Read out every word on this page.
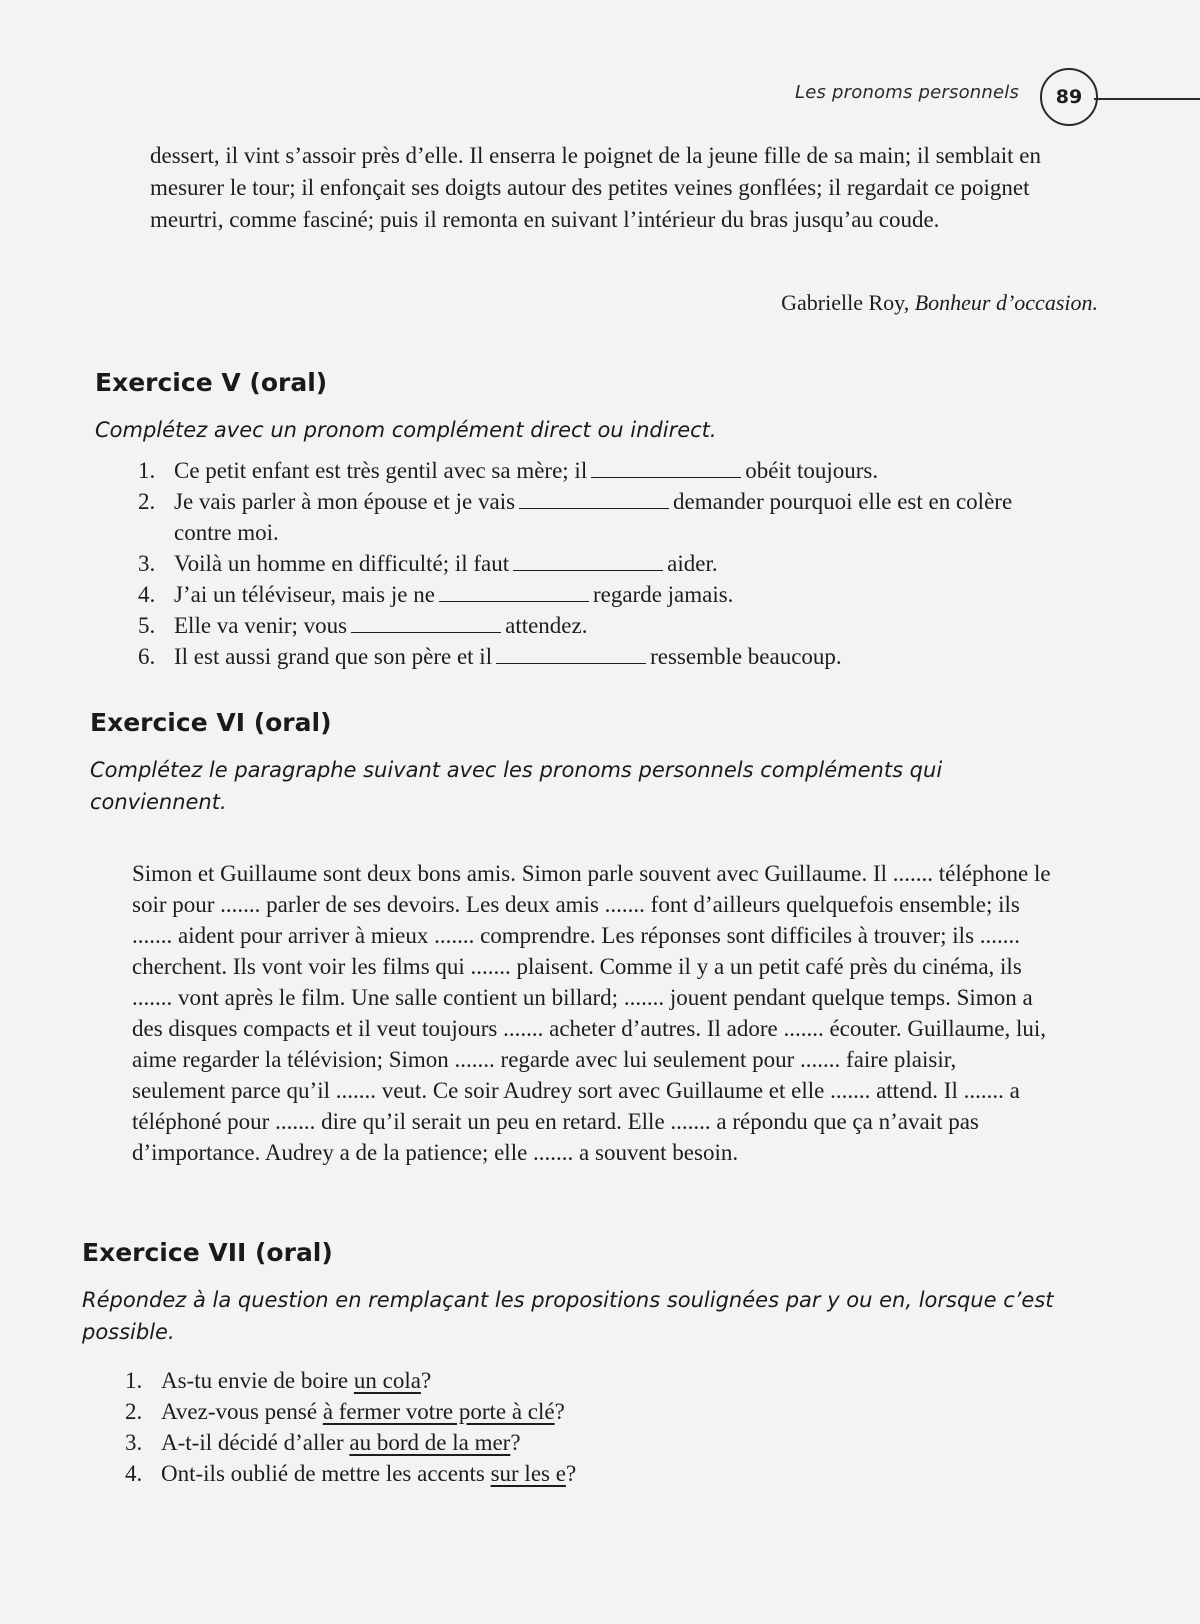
Les pronoms personnels 89
dessert, il vint s’assoir près d’elle. Il enserra le poignet de la jeune fille de sa main; il semblait en mesurer le tour; il enfonçait ses doigts autour des petites veines gonflées; il regardait ce poignet meurtri, comme fasciné; puis il remonta en suivant l’intérieur du bras jusqu’au coude.
Gabrielle Roy, Bonheur d’occasion.
Exercice V (oral)
Complétez avec un pronom complément direct ou indirect.
1. Ce petit enfant est très gentil avec sa mère; il	obéit toujours.
2. Je vais parler à mon épouse et je vais	demander pourquoi elle est en colère contre moi.
3. Voilà un homme en difficulté; il faut	aider.
4. J’ai un téléviseur, mais je ne	regarde jamais.
5. Elle va venir; vous	attendez.
6. Il est aussi grand que son père et il	ressemble beaucoup.
Exercice VI (oral)
Complétez le paragraphe suivant avec les pronoms personnels compléments qui conviennent.
Simon et Guillaume sont deux bons amis. Simon parle souvent avec Guillaume. Il ....... téléphone le soir pour ....... parler de ses devoirs. Les deux amis ....... font d’ailleurs quelquefois ensemble; ils ....... aident pour arriver à mieux ....... comprendre. Les réponses sont difficiles à trouver; ils ....... cherchent. Ils vont voir les films qui ....... plaisent. Comme il y a un petit café près du cinéma, ils ....... vont après le film. Une salle contient un billard; ....... jouent pendant quelque temps. Simon a des disques compacts et il veut toujours ....... acheter d’autres. Il adore ....... écouter. Guillaume, lui, aime regarder la télévision; Simon ....... regarde avec lui seulement pour ....... faire plaisir, seulement parce qu’il ....... veut. Ce soir Audrey sort avec Guillaume et elle ....... attend. Il ....... a téléphoné pour ....... dire qu’il serait un peu en retard. Elle ....... a répondu que ça n’avait pas d’importance. Audrey a de la patience; elle ....... a souvent besoin.
Exercice VII (oral)
Répondez à la question en remplaçant les propositions soulignées par y ou en, lorsque c’est possible.
1. As-tu envie de boire un cola?
2. Avez-vous pensé à fermer votre porte à clé?
3. A-t-il décidé d’aller au bord de la mer?
4. Ont-ils oublié de mettre les accents sur les e?
